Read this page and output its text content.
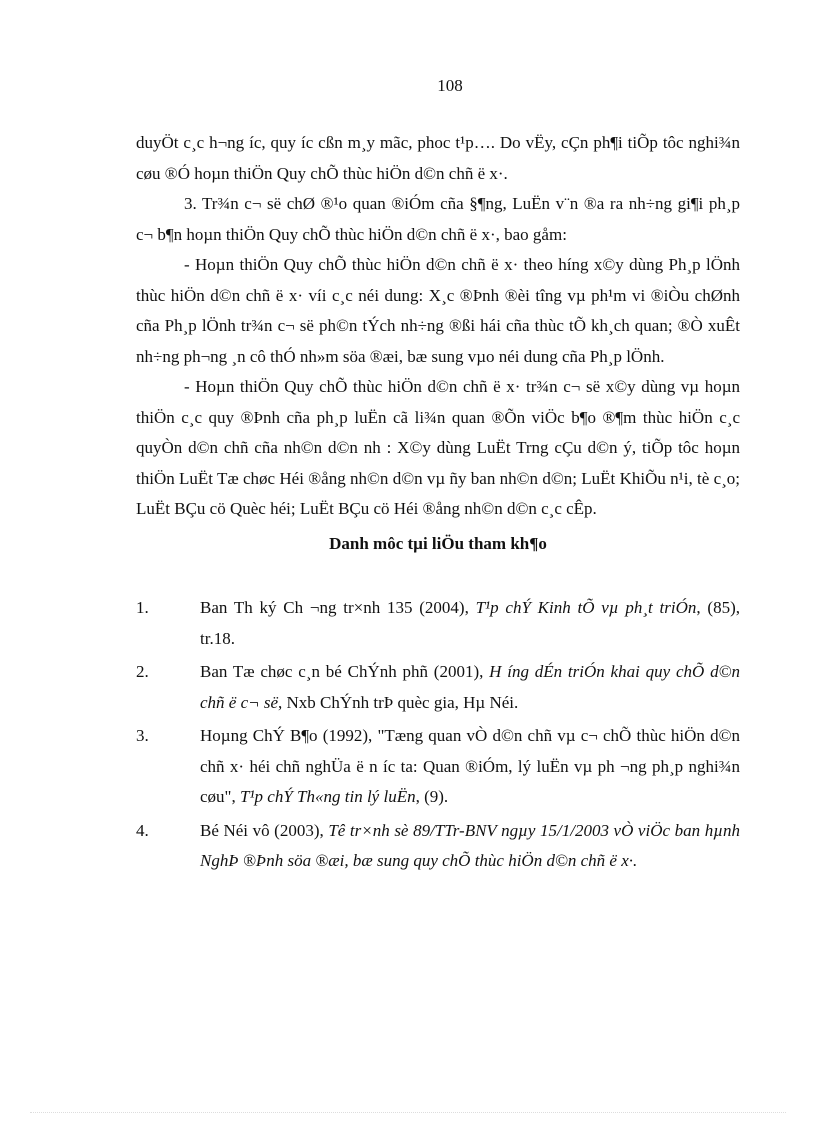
108

duyÖt c¸c h¬ng íc, quy íc cßn m¸y mãc, phoc t¹p…. Do vËy, cÇn ph¶i tiÕp tôc nghi¾n cøu ®Ó hoµn thiÖn Quy chÕ thùc hiÖn d©n chñ ë x·.

3. Tr¾n c¬ së chØ ®¹o quan ®iÓm cña §¶ng, LuËn v¨n ®a ra nh÷ng gi¶i ph¸p c¬ b¶n hoµn thiÖn Quy chÕ thùc hiÖn d©n chñ ë x·, bao gåm:

- Hoµn thiÖn Quy chÕ thùc hiÖn d©n chñ ë x· theo híng x©y dùng Ph¸p lÖnh thùc hiÖn d©n chñ ë x· víi c¸c néi dung: X¸c ®Þnh ®èi tîng vµ ph¹m vi ®iÒu chØnh cña Ph¸p lÖnh tr¾n c¬ së ph©n tÝch nh÷ng ®ßi hái cña thùc tÕ kh¸ch quan; ®Ò xuÊt nh÷ng ph¬ng ¸n cô thÓ nh»m söa ®æi, bæ sung vµo néi dung cña Ph¸p lÖnh.

- Hoµn thiÖn Quy chÕ thùc hiÖn d©n chñ ë x· tr¾n c¬ së x©y dùng vµ hoµn thiÖn c¸c quy ®Þnh cña ph¸p luËn cã li¾n quan ®Õn viÖc b¶o ®¶m thùc hiÖn c¸c quyÒn d©n chñ cña nh©n d©n nh : X©y dùng LuËt Trng cÇu d©n ý, tiÕp tôc hoµn thiÖn LuËt Tæ chøc Héi ®ång nh©n d©n vµ ñy ban nh©n d©n; LuËt KhiÕu n¹i, tè c¸o; LuËt BÇu cö Quèc héi; LuËt BÇu cö Héi ®ång nh©n d©n c¸c cÊp.

Danh môc tµi liÖu tham kh¶o
1.	Ban Th ký Ch ¬ng tr×nh 135 (2004), T¹p chÝ Kinh tÕ vµ ph¸t triÓn, (85), tr.18.
2.	Ban Tæ chøc c¸n bé ChÝnh phñ (2001), H íng dÉn triÓn khai quy chÕ d©n chñ ë c¬ së, Nxb ChÝnh trÞ quèc gia, Hµ Néi.
3.	Hoµng ChÝ B¶o (1992), "Tæng quan vÒ d©n chñ vµ c¬ chÕ thùc hiÖn d©n chñ x· héi chñ nghÜa ë n íc ta: Quan ®iÓm, lý luËn vµ ph ¬ng ph¸p nghi¾n cøu", T¹p chÝ Th«ng tin lý luËn, (9).
4.	Bé Néi vô (2003), Tê tr×nh sè 89/TTr-BNV ngµy 15/1/2003 vÒ viÖc ban hµnh NghÞ ®Þnh söa ®æi, bæ sung quy chÕ thùc hiÖn d©n chñ ë x·.
